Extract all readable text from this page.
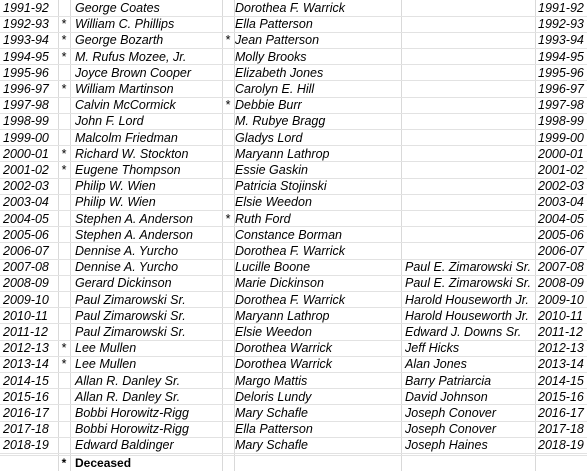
1991-92	George Coates	Dorothea F. Warrick	1991-92
1992-93	* William C. Phillips	Ella Patterson	1992-93
1993-94	* George Bozarth	* Jean Patterson	1993-94
1994-95	* M. Rufus Mozee, Jr.	Molly Brooks	1994-95
1995-96	Joyce Brown Cooper	Elizabeth Jones	1995-96
1996-97	* William Martinson	Carolyn E. Hill	1996-97
1997-98	Calvin McCormick	* Debbie Burr	1997-98
1998-99	John F. Lord	M. Rubye Bragg	1998-99
1999-00	Malcolm Friedman	Gladys Lord	1999-00
2000-01	* Richard W. Stockton	Maryann Lathrop	2000-01
2001-02	* Eugene Thompson	Essie Gaskin	2001-02
2002-03	Philip W. Wien	Patricia Stojinski	2002-03
2003-04	Philip W. Wien	Elsie Weedon	2003-04
2004-05	Stephen A. Anderson	* Ruth Ford	2004-05
2005-06	Stephen A. Anderson	Constance Borman	2005-06
2006-07	Dennise A. Yurcho	Dorothea F. Warrick	2006-07
2007-08	Dennise A. Yurcho	Lucille Boone	Paul E. Zimarowski Sr. 2007-08
2008-09	Gerard Dickinson	Marie Dickinson	Paul E. Zimarowski Sr. 2008-09
2009-10	Paul Zimarowski Sr.	Dorothea F. Warrick	Harold Houseworth Jr. 2009-10
2010-11	Paul Zimarowski Sr.	Maryann Lathrop	Harold Houseworth Jr. 2010-11
2011-12	Paul Zimarowski Sr.	Elsie Weedon	Edward J. Downs Sr.	2011-12
2012-13	* Lee Mullen	Dorothea Warrick	Jeff Hicks	2012-13
2013-14	* Lee Mullen	Dorothea Warrick	Alan Jones	2013-14
2014-15	Allan R. Danley Sr.	Margo Mattis	Barry Patriarcia	2014-15
2015-16	Allan R. Danley Sr.	Deloris Lundy	David Johnson	2015-16
2016-17	Bobbi Horowitz-Rigg	Mary Schafle	Joseph Conover	2016-17
2017-18	Bobbi Horowitz-Rigg	Ella Patterson	Joseph Conover	2017-18
2018-19	Edward Baldinger	Mary Schafle	Joseph Haines	2018-19
* Deceased
